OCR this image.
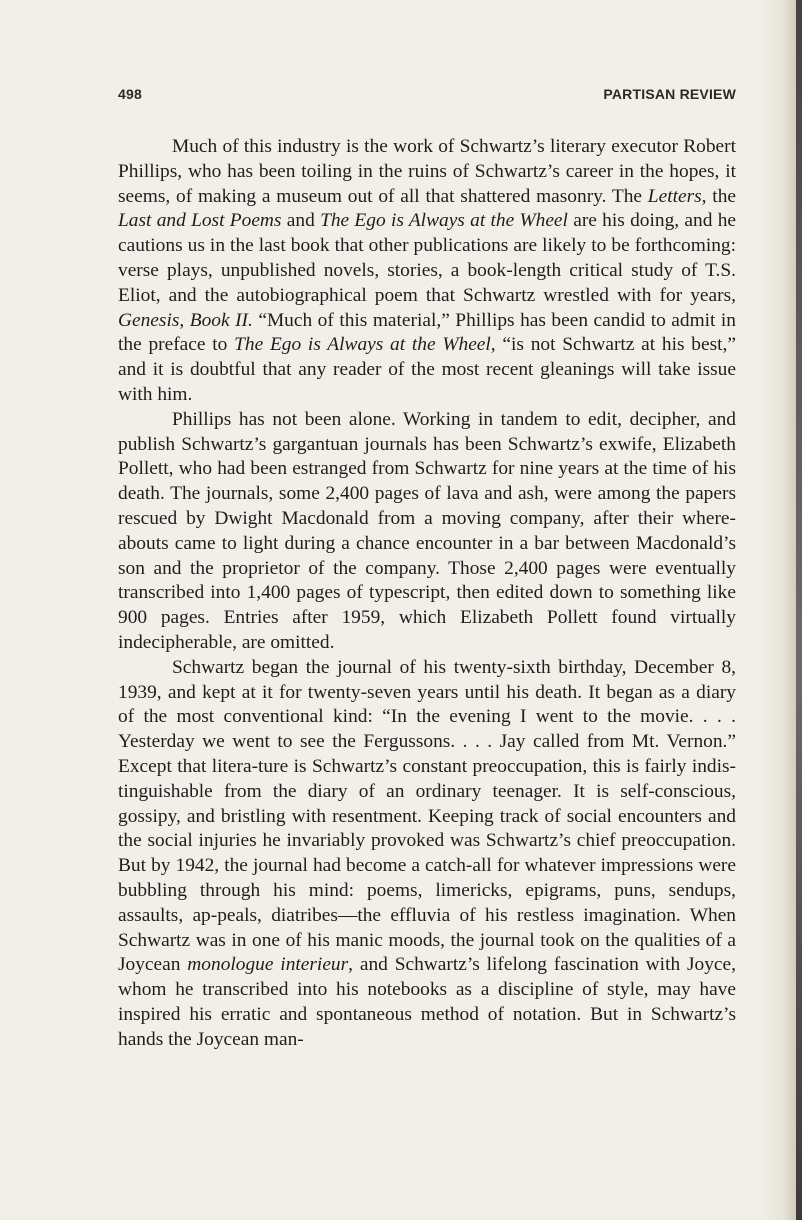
498	PARTISAN REVIEW

Much of this industry is the work of Schwartz’s literary executor Robert Phillips, who has been toiling in the ruins of Schwartz’s career in the hopes, it seems, of making a museum out of all that shattered masonry. The Letters, the Last and Lost Poems and The Ego is Always at the Wheel are his doing, and he cautions us in the last book that other publications are likely to be forthcoming: verse plays, unpublished novels, stories, a book-length critical study of T.S. Eliot, and the autobiographical poem that Schwartz wrestled with for years, Genesis, Book II. “Much of this material,” Phillips has been candid to admit in the preface to The Ego is Always at the Wheel, “is not Schwartz at his best,” and it is doubtful that any reader of the most recent gleanings will take issue with him.

Phillips has not been alone. Working in tandem to edit, decipher, and publish Schwartz’s gargantuan journals has been Schwartz’s exwife, Elizabeth Pollett, who had been estranged from Schwartz for nine years at the time of his death. The journals, some 2,400 pages of lava and ash, were among the papers rescued by Dwight Macdonald from a moving company, after their where-abouts came to light during a chance encounter in a bar between Macdonald’s son and the proprietor of the company. Those 2,400 pages were eventually transcribed into 1,400 pages of typescript, then edited down to something like 900 pages. Entries after 1959, which Elizabeth Pollett found virtually indecipherable, are omitted.

Schwartz began the journal of his twenty-sixth birthday, December 8, 1939, and kept at it for twenty-seven years until his death. It began as a diary of the most conventional kind: “In the evening I went to the movie. . . . Yesterday we went to see the Fergussons. . . . Jay called from Mt. Vernon.” Except that litera-ture is Schwartz’s constant preoccupation, this is fairly indis-tinguishable from the diary of an ordinary teenager. It is self-conscious, gossipy, and bristling with resentment. Keeping track of social encounters and the social injuries he invariably provoked was Schwartz’s chief preoccupation. But by 1942, the journal had become a catch-all for whatever impressions were bubbling through his mind: poems, limericks, epigrams, puns, sendups, assaults, ap-peals, diatribes—the effluvia of his restless imagination. When Schwartz was in one of his manic moods, the journal took on the qualities of a Joycean monologue interieur, and Schwartz’s lifelong fascination with Joyce, whom he transcribed into his notebooks as a discipline of style, may have inspired his erratic and spontaneous method of notation. But in Schwartz’s hands the Joycean man-
